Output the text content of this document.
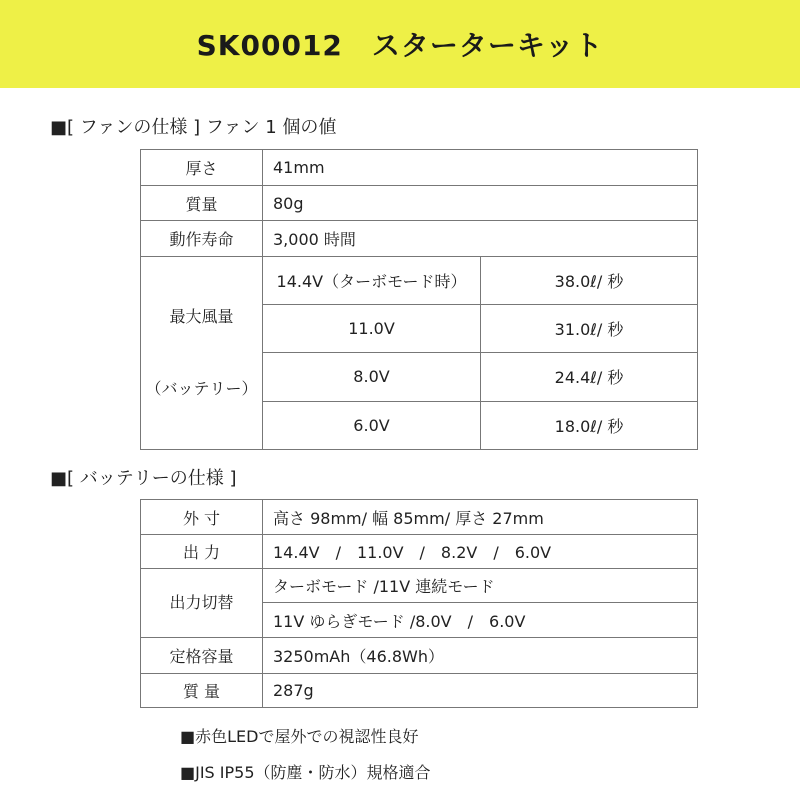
SK00012　スターターキット
■[ ファンの仕様 ] ファン 1 個の値
厚さ	41mm	
質量	80g	
動作寿命	3,000 時間	

最大風量

（バッテリー）	14.4V（ターボモード時）	38.0ℓ/ 秒
	11.0V	31.0ℓ/ 秒
	8.0V	24.4ℓ/ 秒
	6.0V	18.0ℓ/ 秒
■[ バッテリーの仕様 ]
外 寸	高さ 98mm/ 幅 85mm/ 厚さ 27mm
出 力	14.4V　/　11.0V　/　8.2V　/　6.0V
出力切替	ターボモード /11V 連続モード
	11V ゆらぎモード /8.0V　/　6.0V
定格容量	3250mAh（46.8Wh）
質 量	287g
■赤色LEDで屋外での視認性良好
■JIS IP55（防塵・防水）規格適合
